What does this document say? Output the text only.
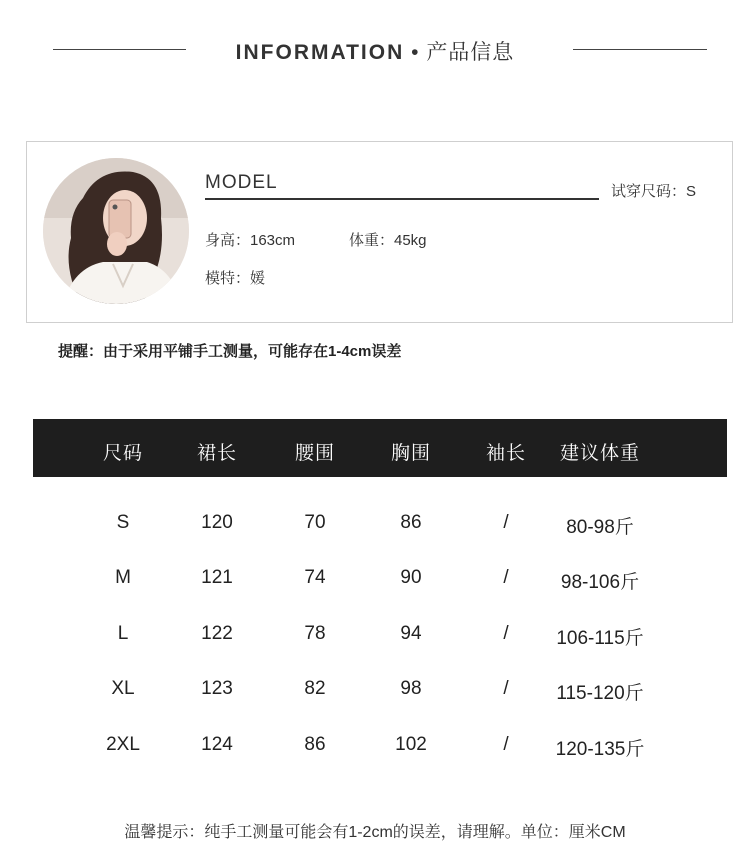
INFORMATION • 产品信息
MODEL	试穿尺码：S
身高：163cm	体重：45kg
模特：媛
提醒：由于采用平铺手工测量，可能存在1-4cm误差
尺码	裙长	腰围	胸围	袖长	建议体重
S	120	70	86	/	80-98斤
M	121	74	90	/	98-106斤
L	122	78	94	/	106-115斤
XL	123	82	98	/	115-120斤
2XL	124	86	102	/	120-135斤
温馨提示：纯手工测量可能会有1-2cm的误差，请理解。单位：厘米CM
